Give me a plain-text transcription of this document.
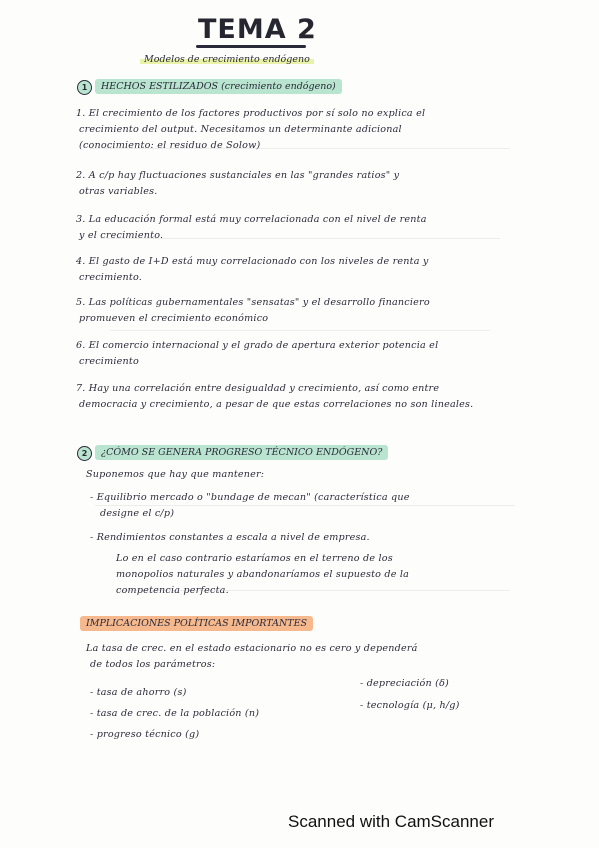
TEMA 2
Modelos de crecimiento endógeno
1	HECHOS ESTILIZADOS (crecimiento endógeno)
1. El crecimiento de los factores productivos por sí solo no explica el
crecimiento del output. Necesitamos un determinante adicional
(conocimiento: el residuo de Solow)
2. A c/p hay fluctuaciones sustanciales en las "grandes ratios" y
otras variables.
3. La educación formal está muy correlacionada con el nivel de renta
y el crecimiento.
4. El gasto de I+D está muy correlacionado con los niveles de renta y
crecimiento.
5. Las políticas gubernamentales "sensatas" y el desarrollo financiero
promueven el crecimiento económico
6. El comercio internacional y el grado de apertura exterior potencia el
crecimiento
7. Hay una correlación entre desigualdad y crecimiento, así como entre
democracia y crecimiento, a pesar de que estas correlaciones no son lineales.
2	¿CÓMO SE GENERA PROGRESO TÉCNICO ENDÓGENO?
Suponemos que hay que mantener:
- Equilibrio mercado o "bundage de mecan" (característica que
designe el c/p)
- Rendimientos constantes a escala a nivel de empresa.
Lo en el caso contrario estaríamos en el terreno de los
monopolios naturales y abandonaríamos el supuesto de la
competencia perfecta.
IMPLICACIONES POLÍTICAS IMPORTANTES
La tasa de crec. en el estado estacionario no es cero y dependerá
de todos los parámetros:
- tasa de ahorro (s)
- tasa de crec. de la población (n)
- progreso técnico (g)
- depreciación (δ)
- tecnología (μ, h/g)
Scanned with CamScanner
